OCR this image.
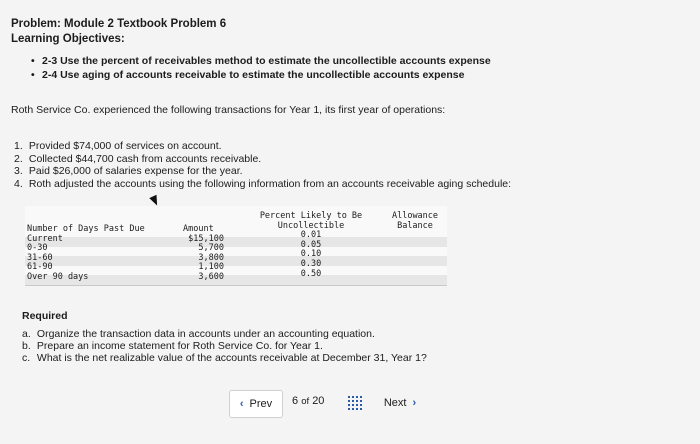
Problem: Module 2 Textbook Problem 6
Learning Objectives:
• 2-3 Use the percent of receivables method to estimate the uncollectible accounts expense
• 2-4 Use aging of accounts receivable to estimate the uncollectible accounts expense
Roth Service Co. experienced the following transactions for Year 1, its first year of operations:
1. Provided $74,000 of services on account.
2. Collected $44,700 cash from accounts receivable.
3. Paid $26,000 of salaries expense for the year.
4. Roth adjusted the accounts using the following information from an accounts receivable aging schedule:
Number of Days Past Due
Current
0-30
31-60
61-90
Over 90 days
Amount
$15,100
5,700
3,800
1,100
3,600
Percent Likely to Be
Uncollectible
0.01
0.05
0.10
0.30
0.50
Allowance
Balance
Required
a. Organize the transaction data in accounts under an accounting equation.
b. Prepare an income statement for Roth Service Co. for Year 1.
c. What is the net realizable value of the accounts receivable at December 31, Year 1?
‹ Prev 6 of 20	Next ›
